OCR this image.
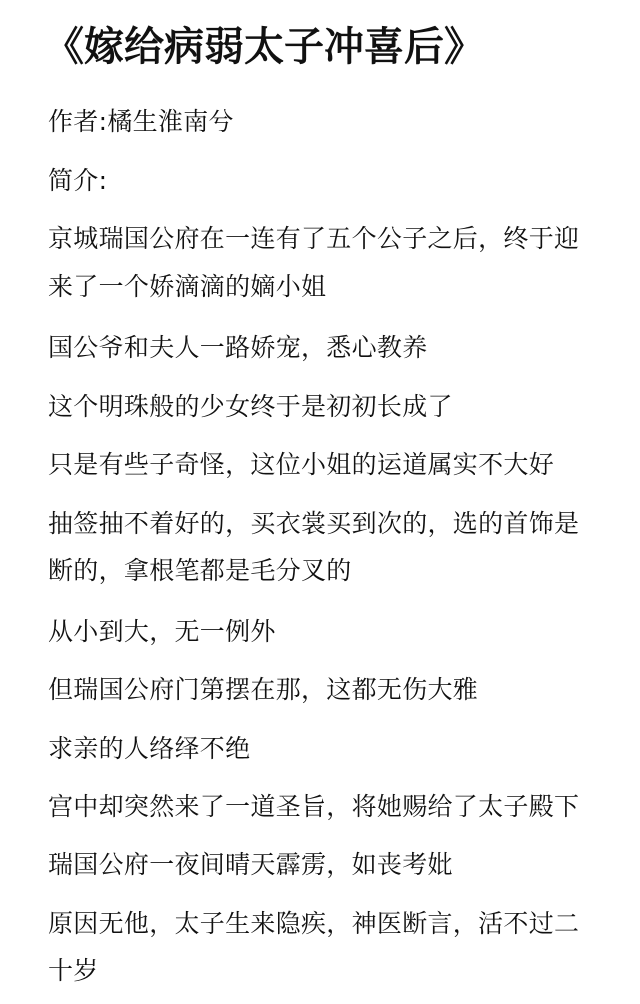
《嫁给病弱太子冲喜后》
作者:橘生淮南兮
简介:
京城瑞国公府在一连有了五个公子之后，终于迎
来了一个娇滴滴的嫡小姐
国公爷和夫人一路娇宠，悉心教养
这个明珠般的少女终于是初初长成了
只是有些子奇怪，这位小姐的运道属实不大好
抽签抽不着好的，买衣裳买到次的，选的首饰是
断的，拿根笔都是毛分叉的
从小到大，无一例外
但瑞国公府门第摆在那，这都无伤大雅
求亲的人络绎不绝
宫中却突然来了一道圣旨，将她赐给了太子殿下
瑞国公府一夜间晴天霹雳，如丧考妣
原因无他，太子生来隐疾，神医断言，活不过二
十岁
